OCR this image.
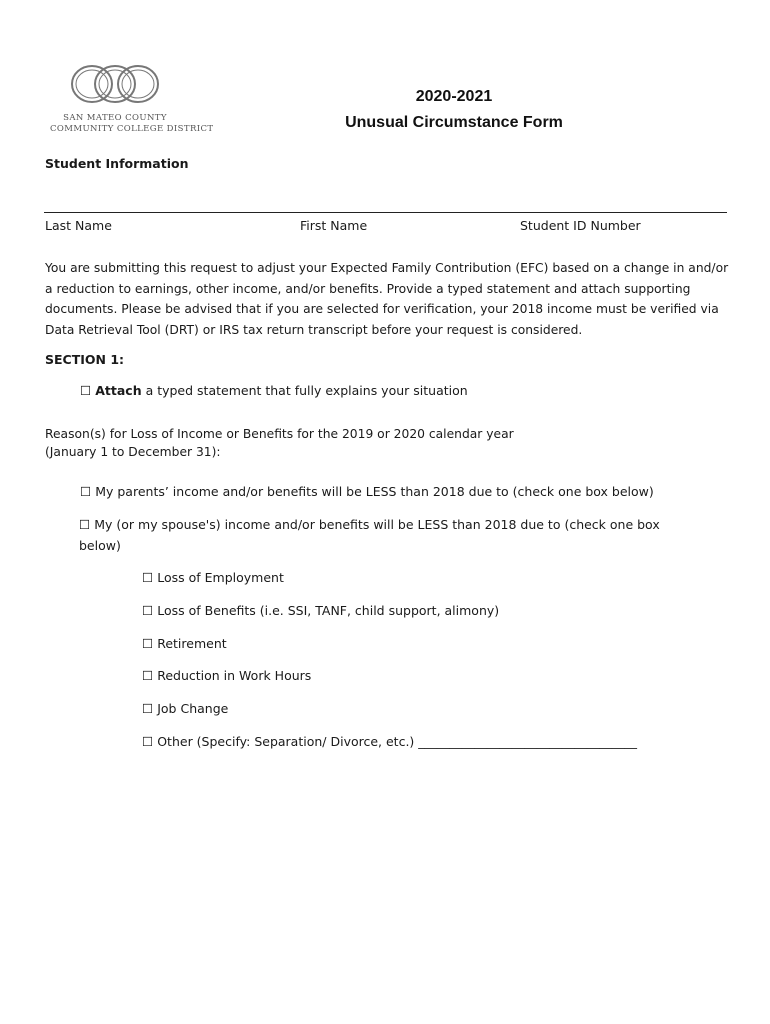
SAN MATEO COUNTY
COMMUNITY COLLEGE DISTRICT
2020-2021
Unusual Circumstance Form
Student Information
Last Name	First Name	Student ID Number
You are submitting this request to adjust your Expected Family Contribution (EFC) based on a change in and/or a reduction to earnings, other income, and/or benefits. Provide a typed statement and attach supporting documents. Please be advised that if you are selected for verification, your 2018 income must be verified via Data Retrieval Tool (DRT) or IRS tax return transcript before your request is considered.
SECTION 1:
☐ Attach a typed statement that fully explains your situation
Reason(s) for Loss of Income or Benefits for the 2019 or 2020 calendar year
(January 1 to December 31):
☐ My parents’ income and/or benefits will be LESS than 2018 due to (check one box below)
☐ My (or my spouse's) income and/or benefits will be LESS than 2018 due to (check one box below)
☐ Loss of Employment
☐ Loss of Benefits (i.e. SSI, TANF, child support, alimony)
☐ Retirement
☐ Reduction in Work Hours
☐ Job Change
☐ Other (Specify: Separation/ Divorce, etc.) ___________________________________
